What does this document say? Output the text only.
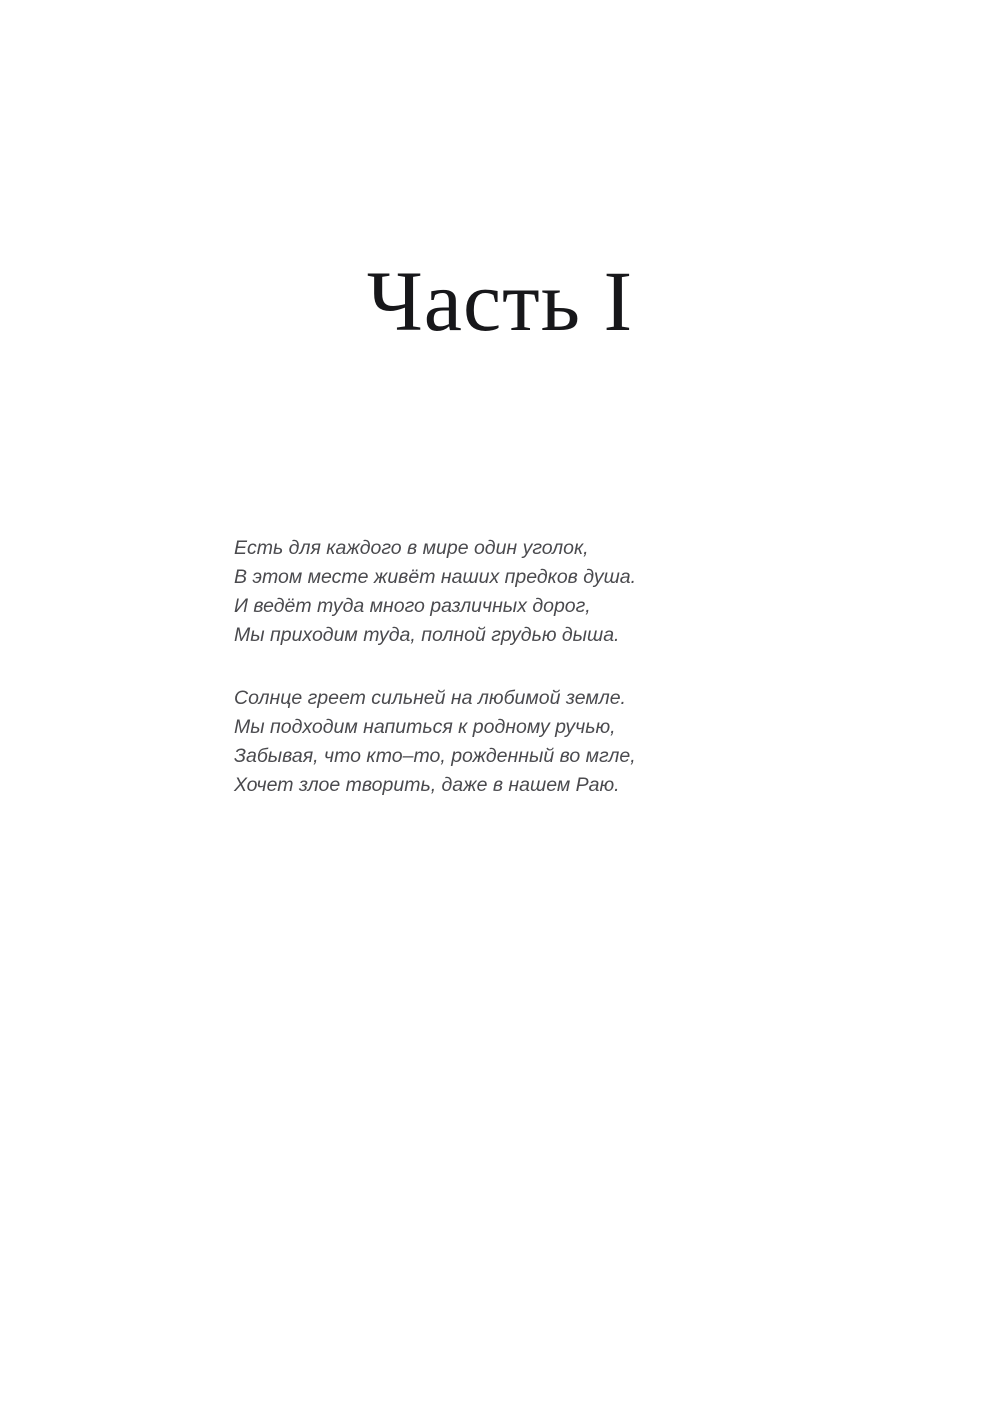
Часть I
Есть для каждого в мире один уголок,
В этом месте живёт наших предков душа.
И ведёт туда много различных дорог,
Мы приходим туда, полной грудью дыша.
Солнце греет сильней на любимой земле.
Мы подходим напиться к родному ручью,
Забывая, что кто–то, рожденный во мгле,
Хочет злое творить, даже в нашем Раю.
